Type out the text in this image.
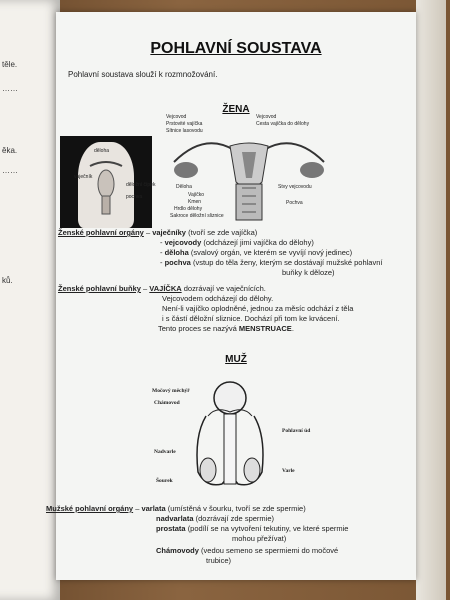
těle.
……
ěka.
……
ků.
POHLAVNÍ SOUSTAVA
Pohlavní soustava slouží k rozmnožování.
ŽENA
děloha
vaječník
děložní čípek
pochva
Vejcovod
Prstovité vajíčka
Sítnice lasovodu
Vejcovod
Cesta vajíčka do dělohy
Děloha
Vajíčko
Kmen
Hrdlo dělohy
Sakroce děložní sliznice
Stvy vejcovodu
Pochva
Ženské pohlavní orgány – vaječníky (tvoří se zde vajíčka)
- vejcovody (odcházejí jimi vajíčka do dělohy)
- děloha (svalový orgán, ve kterém se vyvíjí nový jedinec)
- pochva (vstup do těla ženy, kterým se dostávají mužské pohlavní
buňky k děloze)
Ženské pohlavní buňky – VAJÍČKA dozrávají ve vaječnících.
Vejcovodem odcházejí do dělohy.
Není-li vajíčko oplodněné, jednou za měsíc odchází z těla
i s částí děložní sliznice. Dochází při tom ke krvácení.
Tento proces se nazývá MENSTRUACE.
MUŽ
Močový měchýř
Chámovod
Pohlavní úd
Nadvarle
Šourek
Varle
Mužské pohlavní orgány – varlata (umístěná v šourku, tvoří se zde spermie)
nadvarlata (dozrávají zde spermie)
prostata (podílí se na vytvoření tekutiny, ve které spermie
mohou přežívat)
Chámovody (vedou semeno se spermiemi do močové
trubice)
